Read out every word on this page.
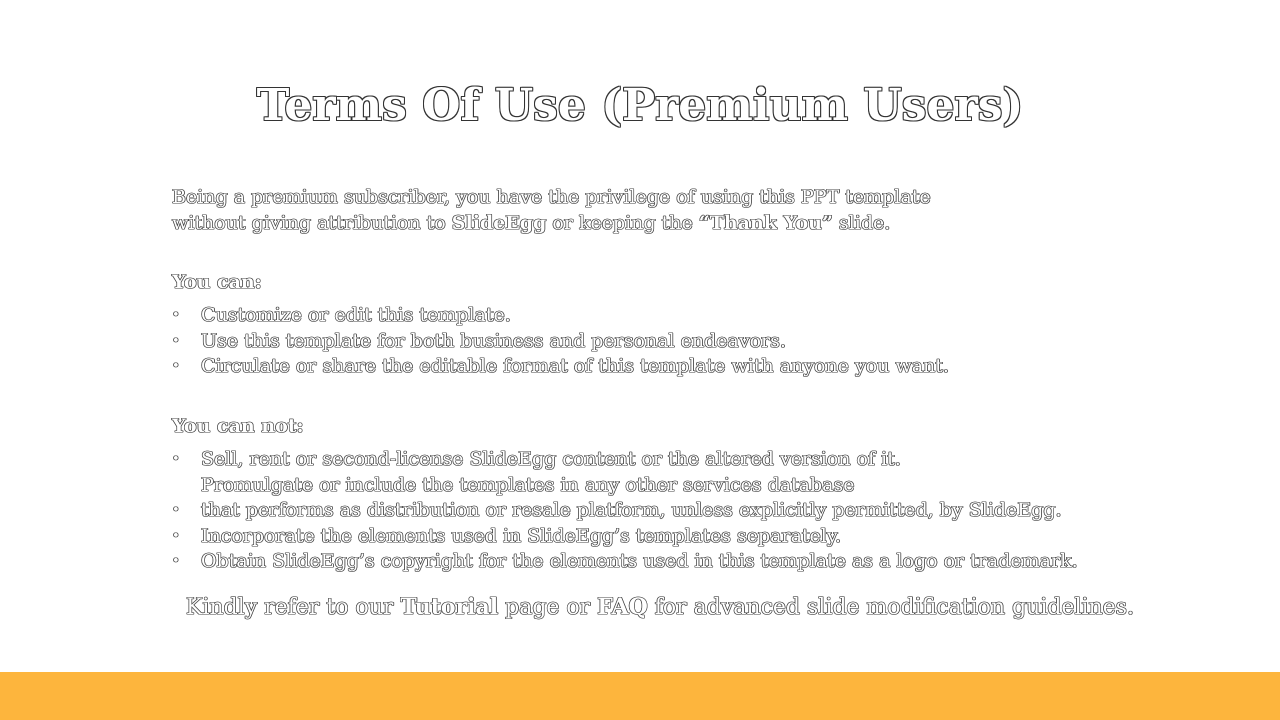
Terms Of Use (Premium Users)

Being a premium subscriber, you have the privilege of using this PPT template

without giving attribution to SlideEgg or keeping the “Thank You” slide.

You can:
• Customize or edit this template.
• Use this template for both business and personal endeavors.
• Circulate or share the editable format of this template with anyone you want.
You can not:
• Sell, rent or second-license SlideEgg content or the altered version of it.
Promulgate or include the templates in any other services database
• that performs as distribution or resale platform, unless explicitly permitted, by SlideEgg.
• Incorporate the elements used in SlideEgg’s templates separately.
• Obtain SlideEgg’s copyright for the elements used in this template as a logo or trademark.

Kindly refer to our Tutorial page or FAQ for advanced slide modification guidelines.
